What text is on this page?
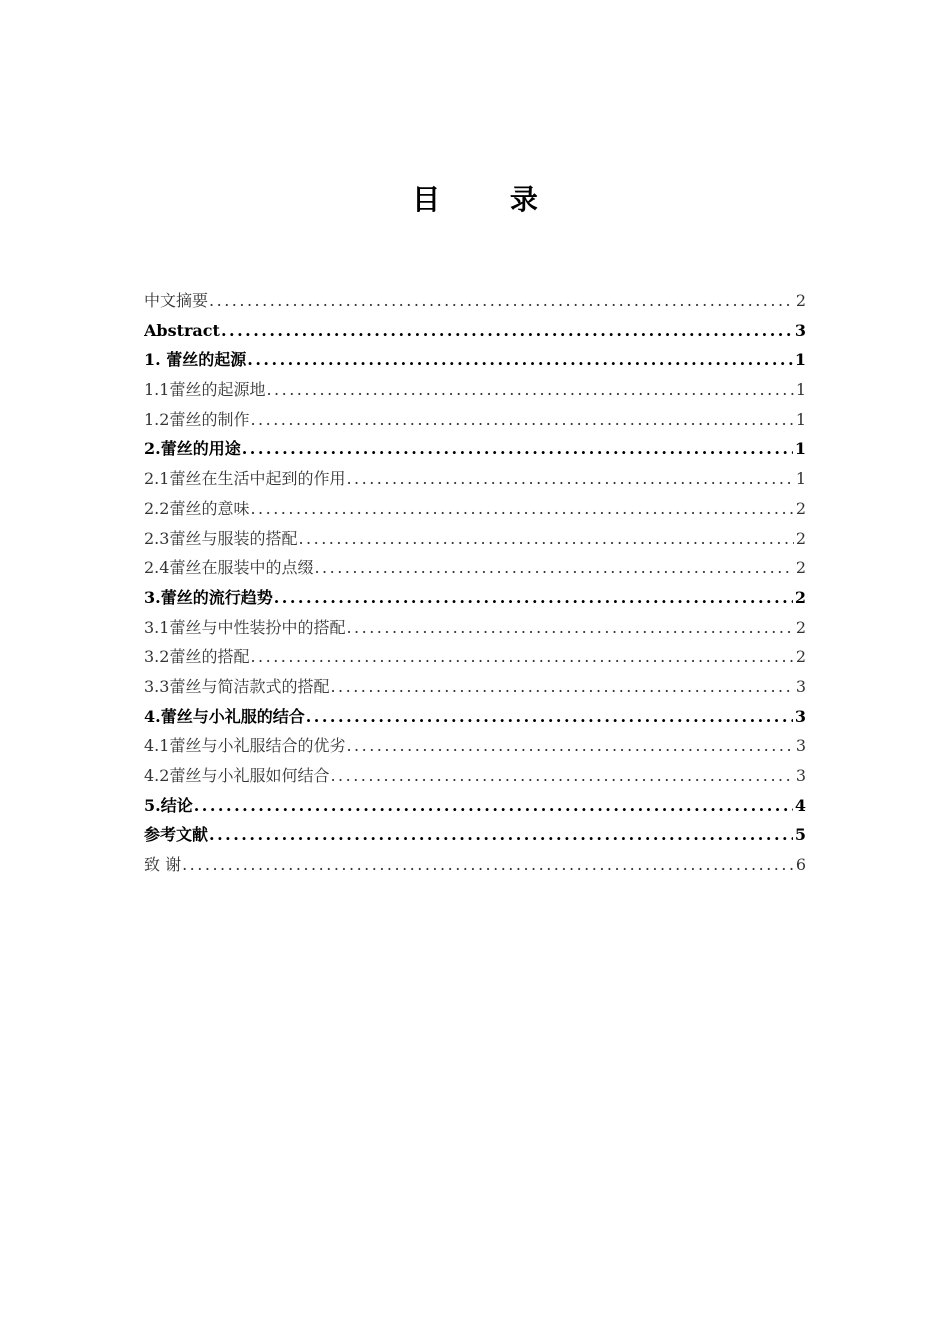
目 录
中文摘要 .....	2
Abstract .....	3
1. 蕾丝的起源 .....	1
1.1蕾丝的起源地 .....	1
1.2蕾丝的制作 .....	1
2.蕾丝的用途 .....	1
2.1蕾丝在生活中起到的作用 .....	1
2.2蕾丝的意味 .....	2
2.3蕾丝与服装的搭配 .....	2
2.4蕾丝在服装中的点缀 .....	2
3.蕾丝的流行趋势 .....	2
3.1蕾丝与中性装扮中的搭配 .....	2
3.2蕾丝的搭配 .....	2
3.3蕾丝与简洁款式的搭配 .....	3
4.蕾丝与小礼服的结合 .....	3
4.1蕾丝与小礼服结合的优劣 .....	3
4.2蕾丝与小礼服如何结合 .....	3
5.结论 .....	4
参考文献 .....	5
致 谢 .....	6
